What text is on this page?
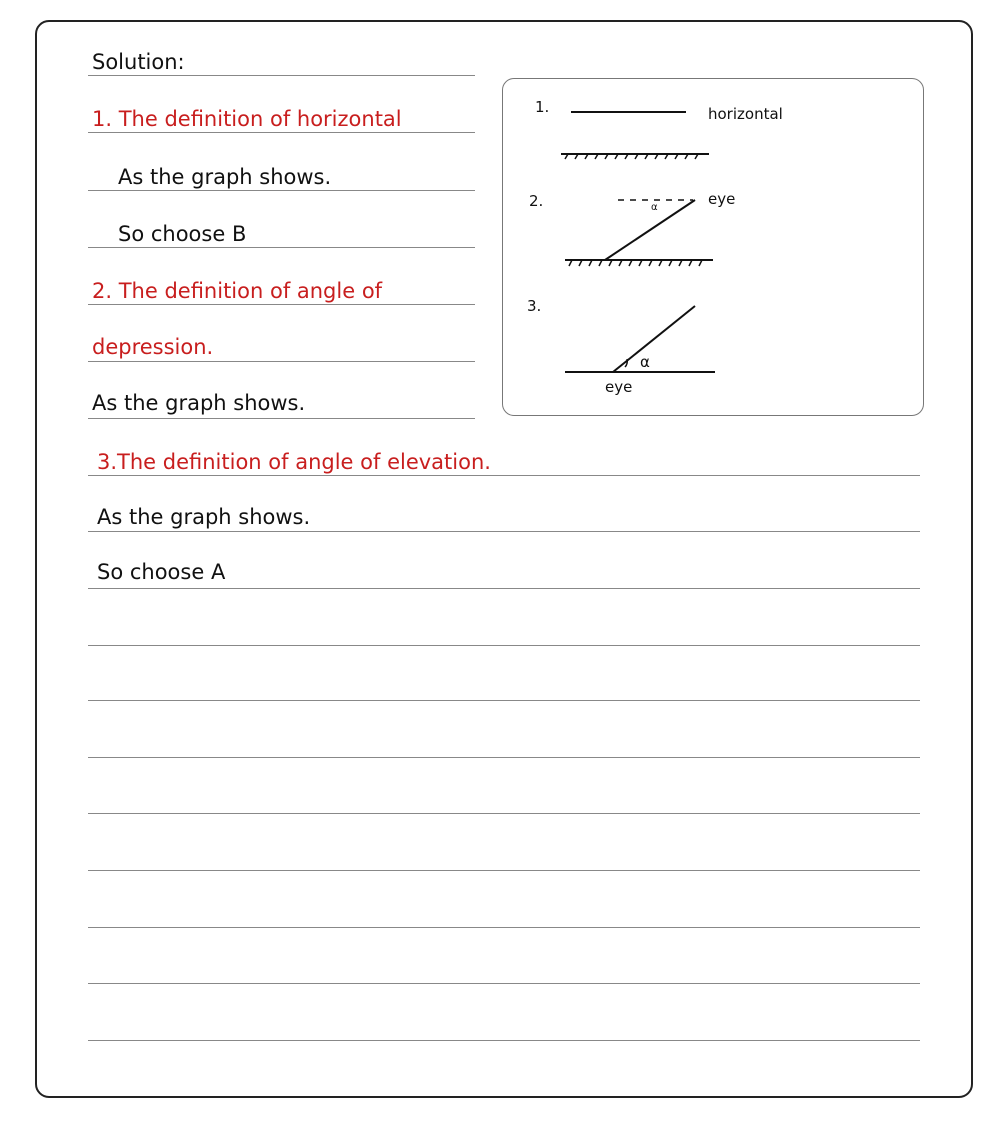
Solution:
1. The definition of horizontal
As the graph shows.
So choose B
2. The definition of angle of
depression.
As the graph shows.
3.The definition of angle of elevation.
As the graph shows.
So choose A
1.	horizontal
2.	α	eye
3.
α
eye
